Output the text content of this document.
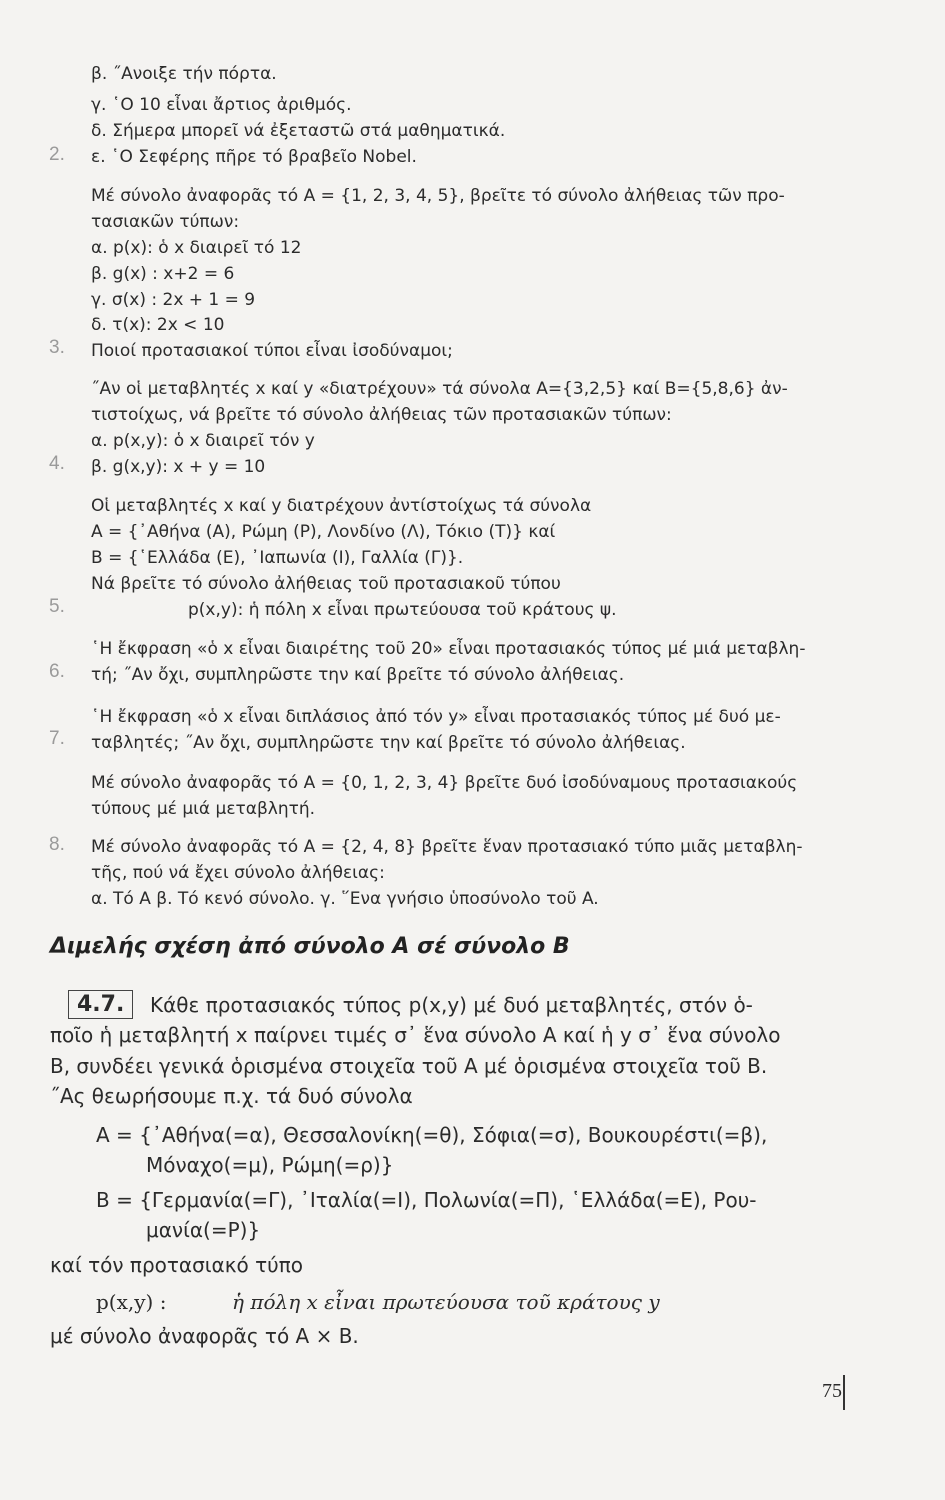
β. ˝Ανοιξε τήν πόρτα.
γ. ῾Ο 10 εἶναι ἄρτιος ἀριθμός.
δ. Σήμερα μπορεῖ νά ἐξεταστῶ στά μαθηματικά.
2. ε. ῾Ο Σεφέρης πῆρε τό βραβεῖο Nobel.
Μέ σύνολο ἀναφορᾶς τό A = {1, 2, 3, 4, 5}, βρεῖτε τό σύνολο ἀλήθειας τῶν προ-
τασιακῶν τύπων:
α. p(x): ὁ x διαιρεῖ τό 12
β. g(x) : x+2 = 6
γ. σ(x) : 2x + 1 = 9
δ. τ(x): 2x < 10
3. Ποιοί προτασιακοί τύποι εἶναι ἰσοδύναμοι;
˝Αν οἱ μεταβλητές x καί y «διατρέχουν» τά σύνολα A={3,2,5} καί B={5,8,6} ἀν-
τιστοίχως, νά βρεῖτε τό σύνολο ἀλήθειας τῶν προτασιακῶν τύπων:
α. p(x,y): ὁ x διαιρεῖ τόν y
4. β. g(x,y): x + y = 10
Οἱ μεταβλητές x καί y διατρέχουν ἀντίστοίχως τά σύνολα
A = {᾿Αθήνα (A), Ρώμη (P), Λονδίνο (Λ), Τόκιο (T)} καί
B = {῾Ελλάδα (E), ᾿Ιαπωνία (I), Γαλλία (Γ)}.
Νά βρεῖτε τό σύνολο ἀλήθειας τοῦ προτασιακοῦ τύπου
5.	p(x,y): ἡ πόλη x εἶναι πρωτεύουσα τοῦ κράτους ψ.
῾Η ἔκφραση «ὁ x εἶναι διαιρέτης τοῦ 20» εἶναι προτασιακός τύπος μέ μιά μεταβλη-
6. τή; ˝Αν ὄχι, συμπληρῶστε την καί βρεῖτε τό σύνολο ἀλήθειας.
῾Η ἔκφραση «ὁ x εἶναι διπλάσιος ἀπό τόν y» εἶναι προτασιακός τύπος μέ δυό με-
7. ταβλητές; ˝Αν ὄχι, συμπληρῶστε την καί βρεῖτε τό σύνολο ἀλήθειας.
Μέ σύνολο ἀναφορᾶς τό A = {0, 1, 2, 3, 4} βρεῖτε δυό ἰσοδύναμους προτασιακούς
τύπους μέ μιά μεταβλητή.
8. Μέ σύνολο ἀναφορᾶς τό A = {2, 4, 8} βρεῖτε ἕναν προτασιακό τύπο μιᾶς μεταβλη-
τῆς, πού νά ἔχει σύνολο ἀλήθειας:
α. Τό A β. Τό κενό σύνολο. γ. ῞Ενα γνήσιο ὑποσύνολο τοῦ A.
Διμελής σχέση ἀπό σύνολο A σέ σύνολο B
4.7.	Κάθε προτασιακός τύπος p(x,y) μέ δυό μεταβλητές, στόν ὁ-
ποῖο ἡ μεταβλητή x παίρνει τιμές σ᾿ ἕνα σύνολο A καί ἡ y σ᾿ ἕνα σύνολο
B, συνδέει γενικά ὁρισμένα στοιχεῖα τοῦ A μέ ὁρισμένα στοιχεῖα τοῦ B.
˝Ας θεωρήσουμε π.χ. τά δυό σύνολα
A = {᾿Αθήνα(=α), Θεσσαλονίκη(=θ), Σόφια(=σ), Βουκουρέστι(=β),
Μόναχο(=μ), Ρώμη(=ρ)}
B = {Γερμανία(=Γ), ᾿Ιταλία(=I), Πολωνία(=Π), ῾Ελλάδα(=E), Ρου-
μανία(=P)}
καί τόν προτασιακό τύπο
p(x,y) :	ἡ πόλη x εἶναι πρωτεύουσα τοῦ κράτους y
μέ σύνολο ἀναφορᾶς τό A × B.
75
